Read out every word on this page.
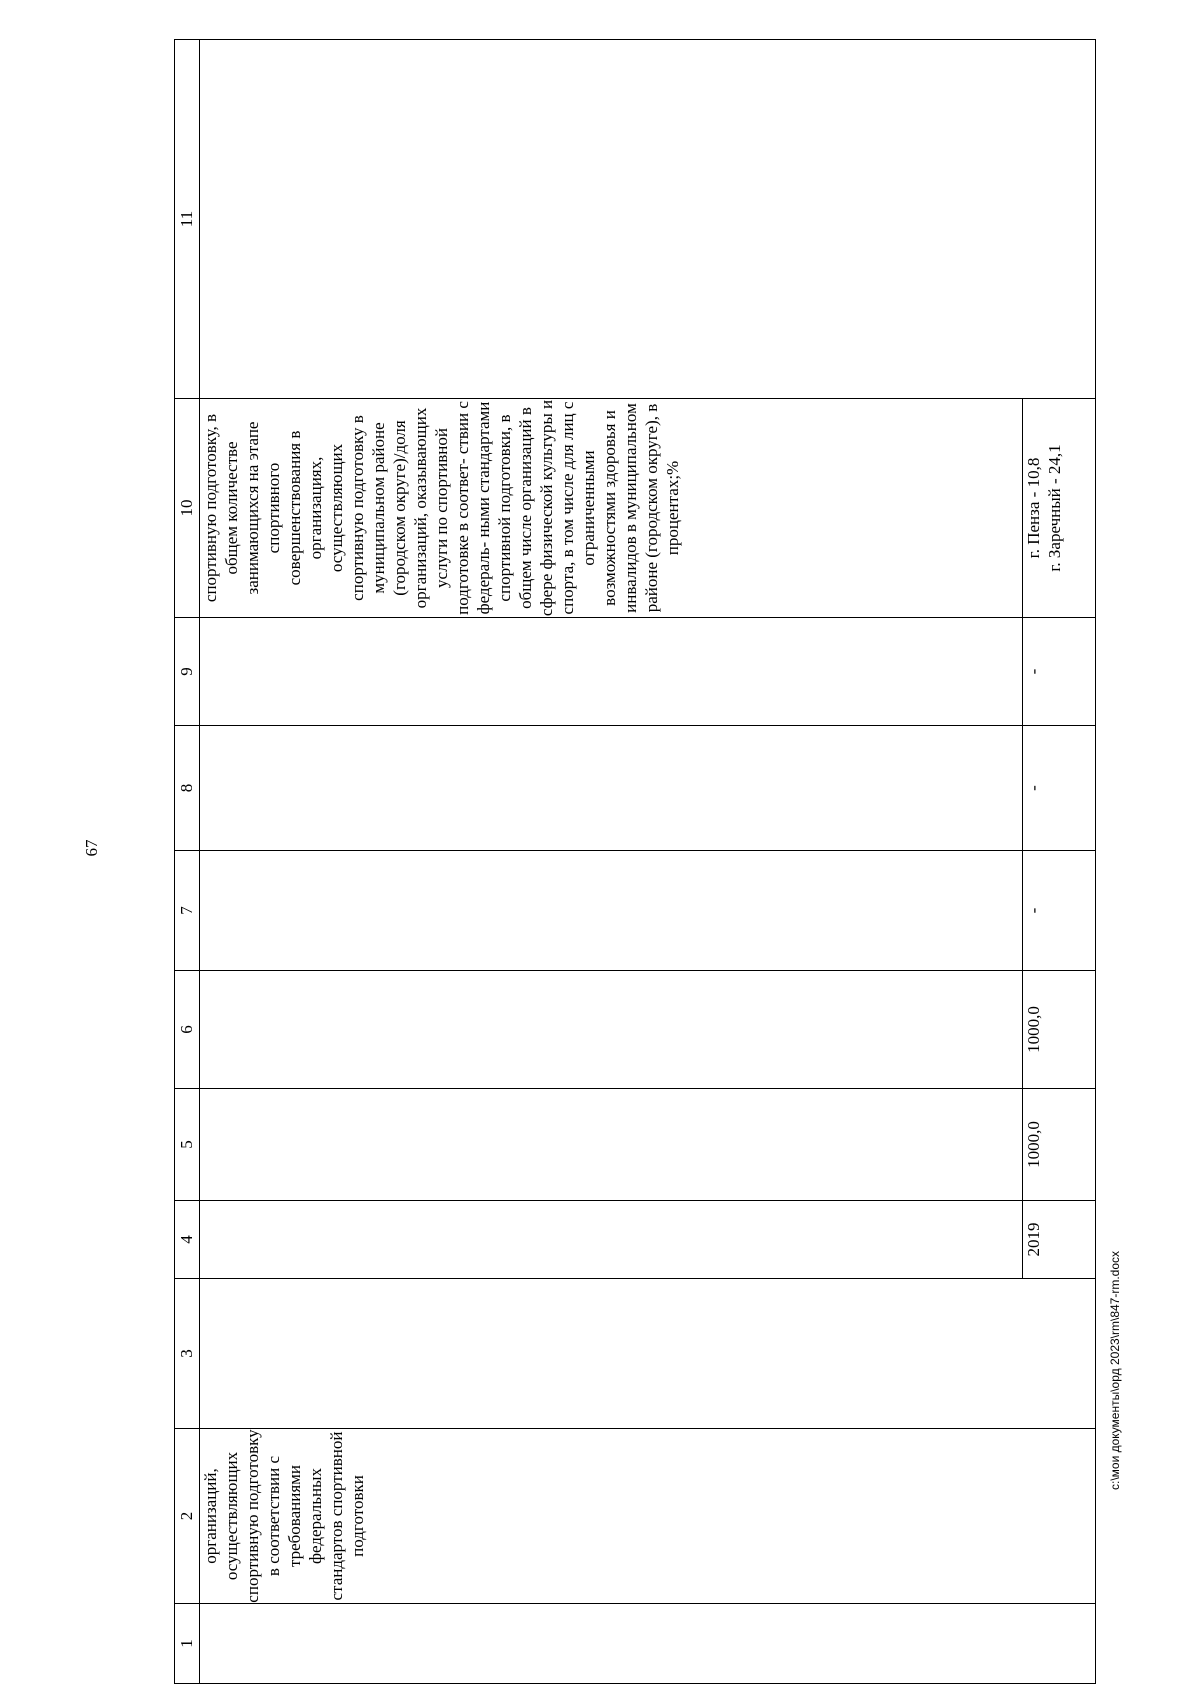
67
1	2	3	4	5	6	7	8	9	10	11
	организаций, осуществляющих спортивную подготовку в соответствии с требованиями федеральных стандартов спортивной подготовки								спортивную подготовку, в общем количестве занимающихся на этапе спортивного совершенствования в организациях, осуществляющих спортивную подготовку в муниципальном районе (городском округе)/доля организаций, оказывающих услуги по спортивной подготовке в соответ- ствии с федераль- ными стандартами спортивной подготовки, в общем числе организаций в сфере физической культуры и спорта, в том числе для лиц с ограниченными возможностями здоровья и инвалидов в муниципальном районе (городском округе), в процентах;%	
			2019	1000,0	1000,0	-	-	-	г. Пенза - 10,8 г. Заречный - 24,1	
c:\мои документы\орд 2023\rm\847-rm.docx
